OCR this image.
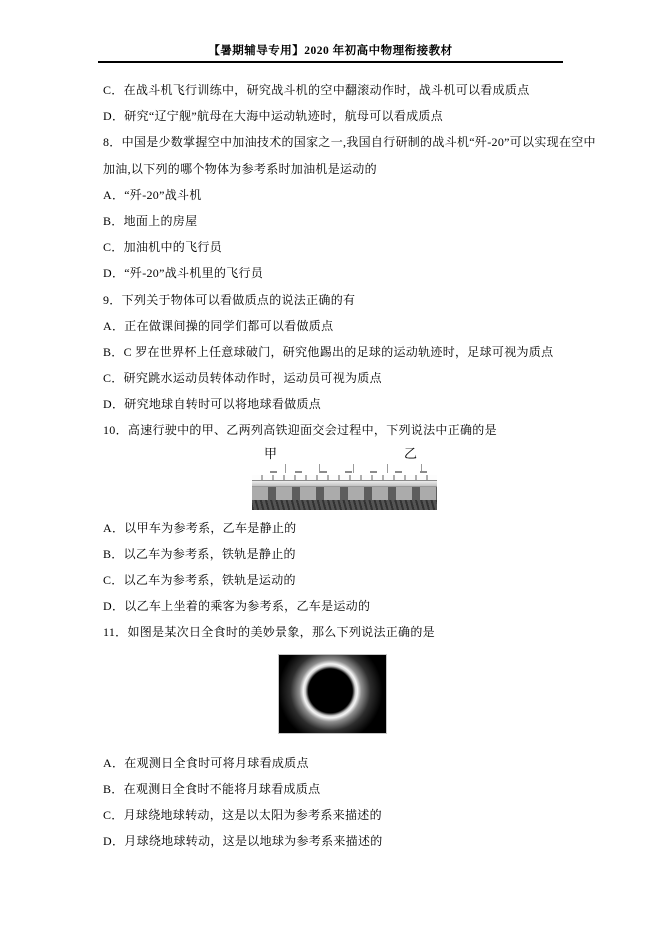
【暑期辅导专用】2020 年初高中物理衔接教材
C．在战斗机飞行训练中，研究战斗机的空中翻滚动作时，战斗机可以看成质点
D．研究“辽宁舰”航母在大海中运动轨迹时，航母可以看成质点
8．中国是少数掌握空中加油技术的国家之一,我国自行研制的战斗机“歼-20”可以实现在空中
加油,以下列的哪个物体为参考系时加油机是运动的
A．“歼-20”战斗机
B．地面上的房屋
C．加油机中的飞行员
D．“歼-20”战斗机里的飞行员
9．下列关于物体可以看做质点的说法正确的有
A．正在做课间操的同学们都可以看做质点
B．C 罗在世界杯上任意球破门，研究他踢出的足球的运动轨迹时，足球可视为质点
C．研究跳水运动员转体动作时，运动员可视为质点
D．研究地球自转时可以将地球看做质点
10．高速行驶中的甲、乙两列高铁迎面交会过程中，下列说法中正确的是
甲	乙
A．以甲车为参考系，乙车是静止的
B．以乙车为参考系，铁轨是静止的
C．以乙车为参考系，铁轨是运动的
D．以乙车上坐着的乘客为参考系，乙车是运动的
11．如图是某次日全食时的美妙景象，那么下列说法正确的是
A．在观测日全食时可将月球看成质点
B．在观测日全食时不能将月球看成质点
C．月球绕地球转动，这是以太阳为参考系来描述的
D．月球绕地球转动，这是以地球为参考系来描述的
